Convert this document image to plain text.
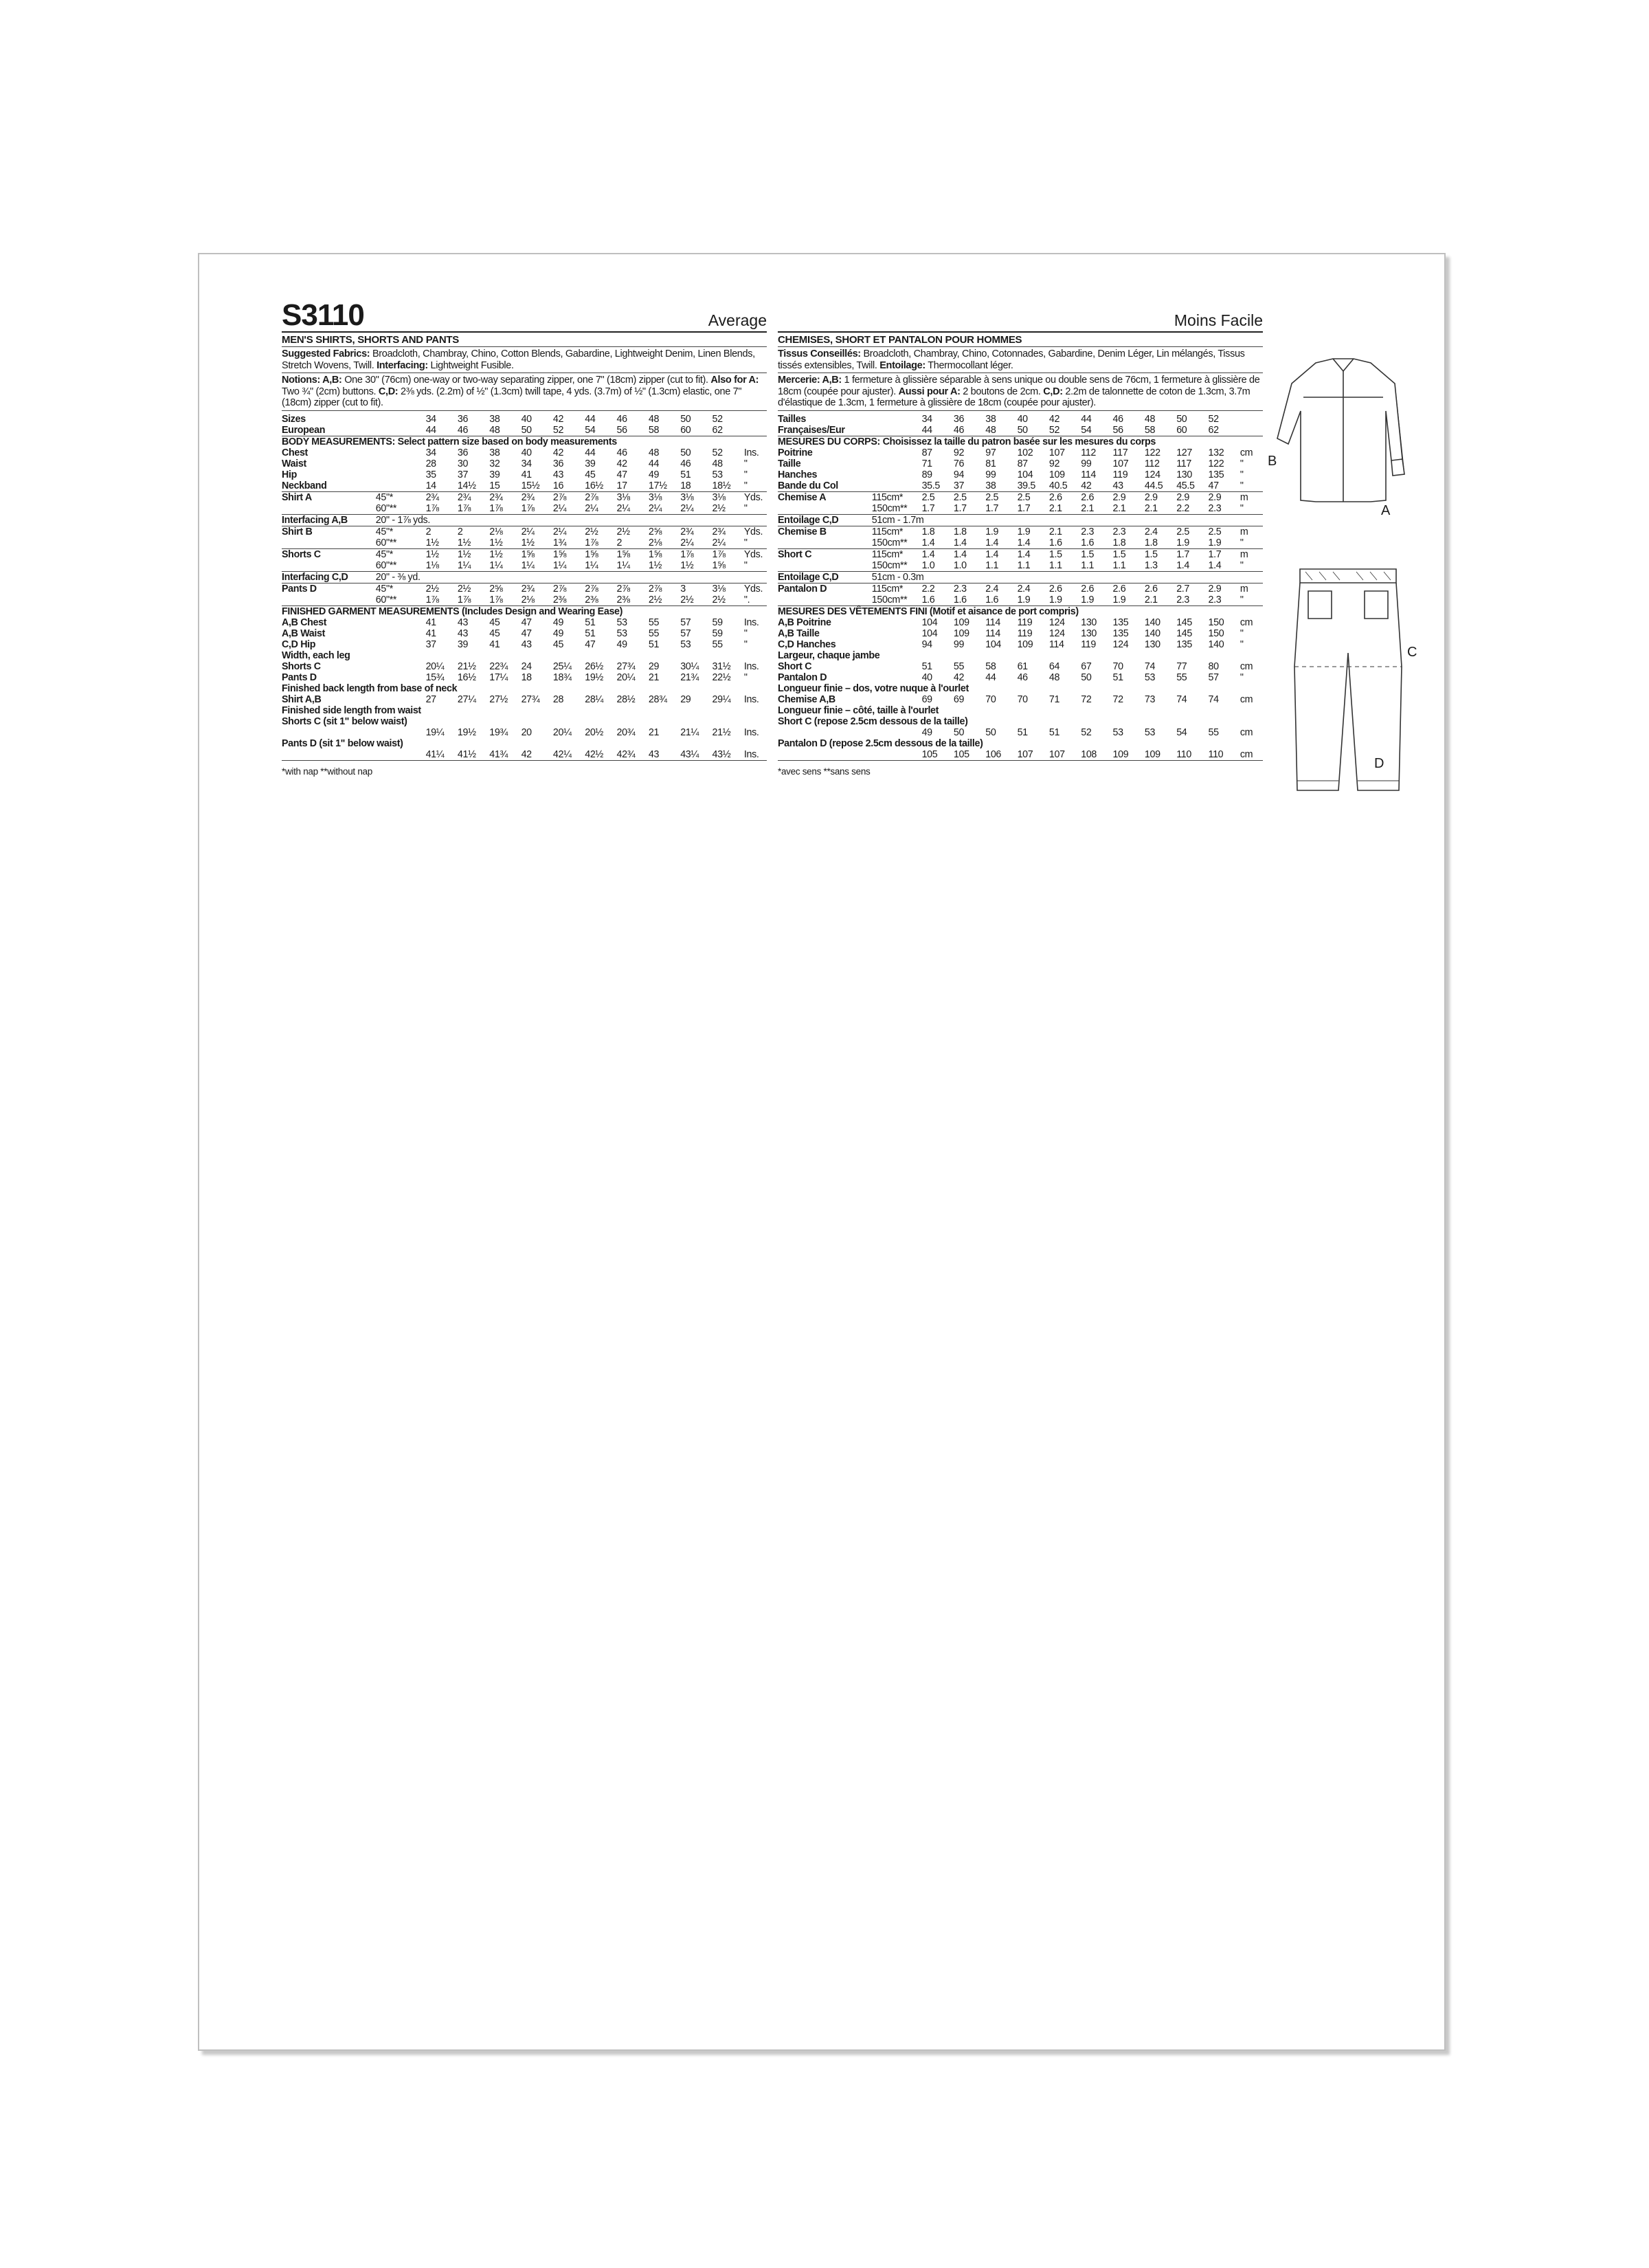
S3110	Average
MEN'S SHIRTS, SHORTS AND PANTS
Suggested Fabrics: Broadcloth, Chambray, Chino, Cotton Blends, Gabardine, Lightweight Denim, Linen Blends, Stretch Wovens, Twill. Interfacing: Lightweight Fusible.
Notions: A,B: One 30" (76cm) one-way or two-way separating zipper, one 7" (18cm) zipper (cut to fit). Also for A: Two ¾" (2cm) buttons. C,D: 2⅜ yds. (2.2m) of ½" (1.3cm) twill tape, 4 yds. (3.7m) of ½" (1.3cm) elastic, one 7" (18cm) zipper (cut to fit).
Sizes		34	36	38	40	42	44	46	48	50	52	
European		44	46	48	50	52	54	56	58	60	62	
BODY MEASUREMENTS: Select pattern size based on body measurements												
Chest		34	36	38	40	42	44	46	48	50	52	Ins.
Waist		28	30	32	34	36	39	42	44	46	48	"
Hip		35	37	39	41	43	45	47	49	51	53	"
Neckband		14	14½	15	15½	16	16½	17	17½	18	18½	"
Shirt A	45"*	2¾	2¾	2¾	2¾	2⅞	2⅞	3⅛	3⅛	3⅛	3⅛	Yds.
	60"**	1⅞	1⅞	1⅞	1⅞	2¼	2¼	2¼	2¼	2¼	2½	"
Interfacing A,B	20" - 1⅞ yds.											
Shirt B	45"*	2	2	2⅛	2¼	2¼	2½	2½	2⅝	2¾	2¾	Yds.
	60"**	1½	1½	1½	1½	1¾	1⅞	2	2⅛	2¼	2¼	"
Shorts C	45"*	1½	1½	1½	1⅝	1⅝	1⅝	1⅝	1⅝	1⅞	1⅞	Yds.
	60"**	1⅛	1¼	1¼	1¼	1¼	1¼	1¼	1½	1½	1⅝	"
Interfacing C,D	20" - ⅜ yd.											
Pants D	45"*	2½	2½	2⅝	2¾	2⅞	2⅞	2⅞	2⅞	3	3⅛	Yds.
	60"**	1⅞	1⅞	1⅞	2⅛	2⅜	2⅜	2⅜	2½	2½	2½	".
FINISHED GARMENT MEASUREMENTS (Includes Design and Wearing Ease)												
A,B Chest		41	43	45	47	49	51	53	55	57	59	Ins.
A,B Waist		41	43	45	47	49	51	53	55	57	59	"
C,D Hip		37	39	41	43	45	47	49	51	53	55	"
Width, each leg												
Shorts C		20¼	21½	22¾	24	25¼	26½	27¾	29	30¼	31½	Ins.
Pants D		15¾	16½	17¼	18	18¾	19½	20¼	21	21¾	22½	"
Finished back length from base of neck												
Shirt A,B		27	27¼	27½	27¾	28	28¼	28½	28¾	29	29¼	Ins.
Finished side length from waist												
Shorts C (sit 1" below waist)												
		19¼	19½	19¾	20	20¼	20½	20¾	21	21¼	21½	Ins.
Pants D (sit 1" below waist)												
		41¼	41½	41¾	42	42¼	42½	42¾	43	43¼	43½	Ins.
*with nap **without nap
Moins Facile
CHEMISES, SHORT ET PANTALON POUR HOMMES
Tissus Conseillés: Broadcloth, Chambray, Chino, Cotonnades, Gabardine, Denim Léger, Lin mélangés, Tissus tissés extensibles, Twill. Entoilage: Thermocollant léger.
Mercerie: A,B: 1 fermeture à glissière séparable à sens unique ou double sens de 76cm, 1 fermeture à glissière de 18cm (coupée pour ajuster). Aussi pour A: 2 boutons de 2cm. C,D: 2.2m de talonnette de coton de 1.3cm, 3.7m d'élastique de 1.3cm, 1 fermeture à glissière de 18cm (coupée pour ajuster).
Tailles		34	36	38	40	42	44	46	48	50	52	
Françaises/Eur		44	46	48	50	52	54	56	58	60	62	
MESURES DU CORPS: Choisissez la taille du patron basée sur les mesures du corps												
Poitrine		87	92	97	102	107	112	117	122	127	132	cm
Taille		71	76	81	87	92	99	107	112	117	122	"
Hanches		89	94	99	104	109	114	119	124	130	135	"
Bande du Col		35.5	37	38	39.5	40.5	42	43	44.5	45.5	47	"
Chemise A	115cm*	2.5	2.5	2.5	2.5	2.6	2.6	2.9	2.9	2.9	2.9	m
	150cm**	1.7	1.7	1.7	1.7	2.1	2.1	2.1	2.1	2.2	2.3	"
Entoilage C,D	51cm - 1.7m											
Chemise B	115cm*	1.8	1.8	1.9	1.9	2.1	2.3	2.3	2.4	2.5	2.5	m
	150cm**	1.4	1.4	1.4	1.4	1.6	1.6	1.8	1.8	1.9	1.9	"
Short C	115cm*	1.4	1.4	1.4	1.4	1.5	1.5	1.5	1.5	1.7	1.7	m
	150cm**	1.0	1.0	1.1	1.1	1.1	1.1	1.1	1.3	1.4	1.4	"
Entoilage C,D	51cm - 0.3m											
Pantalon D	115cm*	2.2	2.3	2.4	2.4	2.6	2.6	2.6	2.6	2.7	2.9	m
	150cm**	1.6	1.6	1.6	1.9	1.9	1.9	1.9	2.1	2.3	2.3	"
MESURES DES VÊTEMENTS FINI (Motif et aisance de port compris)												
A,B Poitrine		104	109	114	119	124	130	135	140	145	150	cm
A,B Taille		104	109	114	119	124	130	135	140	145	150	"
C,D Hanches		94	99	104	109	114	119	124	130	135	140	"
Largeur, chaque jambe												
Short C		51	55	58	61	64	67	70	74	77	80	cm
Pantalon D		40	42	44	46	48	50	51	53	55	57	"
Longueur finie – dos, votre nuque à l'ourlet												
Chemise A,B		69	69	70	70	71	72	72	73	74	74	cm
Longueur finie – côté, taille à l'ourlet												
Short C (repose 2.5cm dessous de la taille)												
		49	50	50	51	51	52	53	53	54	55	cm
Pantalon D (repose 2.5cm dessous de la taille)												
		105	105	106	107	107	108	109	109	110	110	cm
*avec sens **sans sens
B
A
C
D
